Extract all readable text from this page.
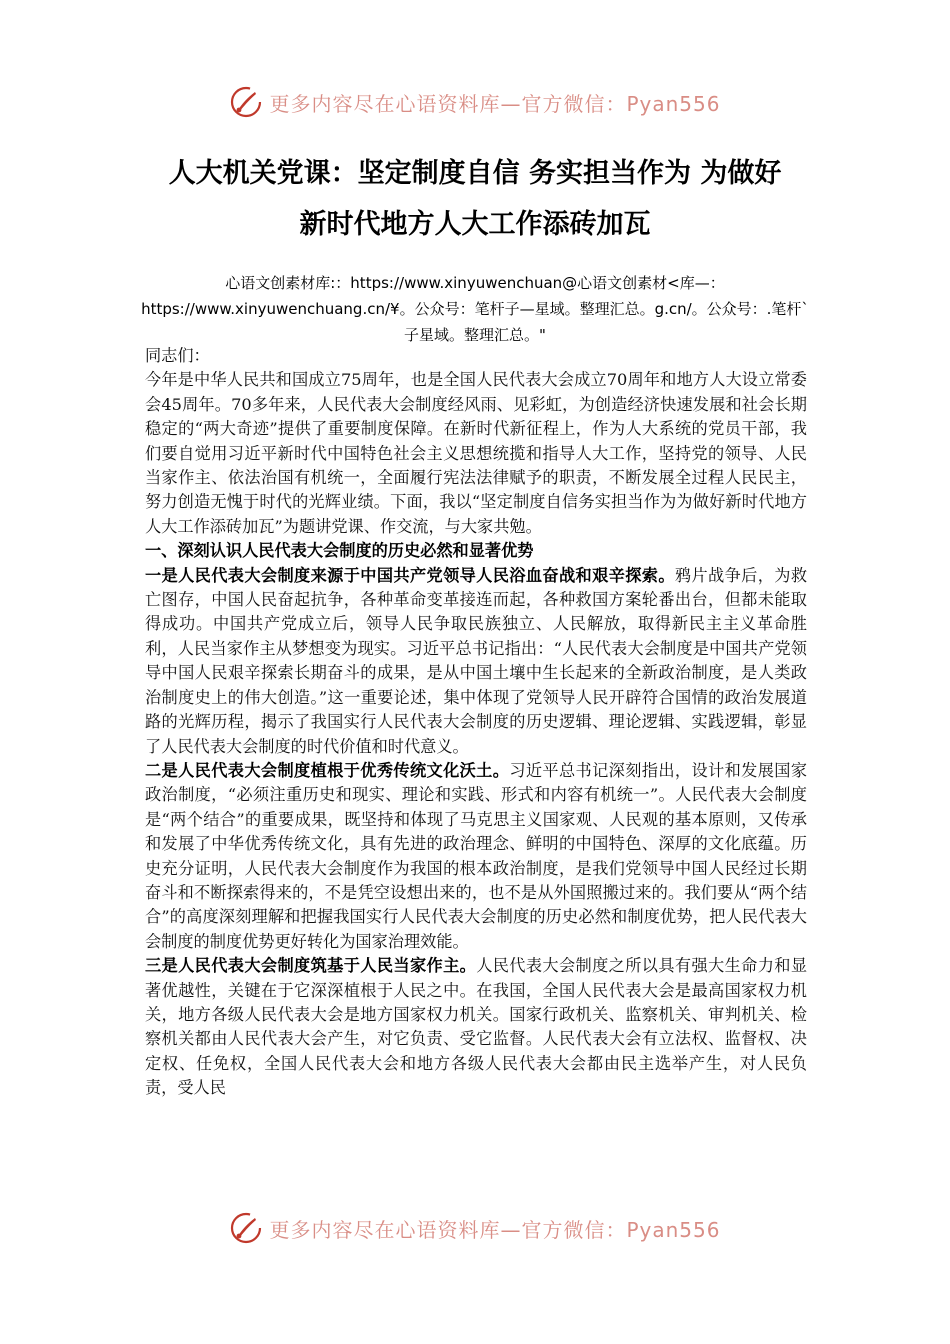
更多内容尽在心语资料库—官方微信：Pyan556
人大机关党课：坚定制度自信 务实担当作为 为做好
新时代地方人大工作添砖加瓦
心语文创素材库:：https://www.xinyuwenchuan@心语文创素材<库—：https://www.xinyuwenchuang.cn/¥。公众号：笔杆子—星域。整理汇总。g.cn/。公众号：.笔杆`子星域。整理汇总。"

同志们：

今年是中华人民共和国成立75周年，也是全国人民代表大会成立70周年和地方人大设立常委会45周年。70多年来，人民代表大会制度经风雨、见彩虹，为创造经济快速发展和社会长期稳定的“两大奇迹”提供了重要制度保障。在新时代新征程上，作为人大系统的党员干部，我们要自觉用习近平新时代中国特色社会主义思想统揽和指导人大工作，坚持党的领导、人民当家作主、依法治国有机统一，全面履行宪法法律赋予的职责，不断发展全过程人民民主，努力创造无愧于时代的光辉业绩。下面，我以“坚定制度自信务实担当作为为做好新时代地方人大工作添砖加瓦”为题讲党课、作交流，与大家共勉。

一、深刻认识人民代表大会制度的历史必然和显著优势

一是人民代表大会制度来源于中国共产党领导人民浴血奋战和艰辛探索。鸦片战争后，为救亡图存，中国人民奋起抗争，各种革命变革接连而起，各种救国方案轮番出台，但都未能取得成功。中国共产党成立后，领导人民争取民族独立、人民解放，取得新民主主义革命胜利，人民当家作主从梦想变为现实。习近平总书记指出：“人民代表大会制度是中国共产党领导中国人民艰辛探索长期奋斗的成果，是从中国土壤中生长起来的全新政治制度，是人类政治制度史上的伟大创造。”这一重要论述，集中体现了党领导人民开辟符合国情的政治发展道路的光辉历程，揭示了我国实行人民代表大会制度的历史逻辑、理论逻辑、实践逻辑，彰显了人民代表大会制度的时代价值和时代意义。

二是人民代表大会制度植根于优秀传统文化沃土。习近平总书记深刻指出，设计和发展国家政治制度，“必须注重历史和现实、理论和实践、形式和内容有机统一”。人民代表大会制度是“两个结合”的重要成果，既坚持和体现了马克思主义国家观、人民观的基本原则，又传承和发展了中华优秀传统文化，具有先进的政治理念、鲜明的中国特色、深厚的文化底蕴。历史充分证明，人民代表大会制度作为我国的根本政治制度，是我们党领导中国人民经过长期奋斗和不断探索得来的，不是凭空设想出来的，也不是从外国照搬过来的。我们要从“两个结合”的高度深刻理解和把握我国实行人民代表大会制度的历史必然和制度优势，把人民代表大会制度的制度优势更好转化为国家治理效能。

三是人民代表大会制度筑基于人民当家作主。人民代表大会制度之所以具有强大生命力和显著优越性，关键在于它深深植根于人民之中。在我国，全国人民代表大会是最高国家权力机关，地方各级人民代表大会是地方国家权力机关。国家行政机关、监察机关、审判机关、检察机关都由人民代表大会产生，对它负责、受它监督。人民代表大会有立法权、监督权、决定权、任免权，全国人民代表大会和地方各级人民代表大会都由民主选举产生，对人民负责，受人民

更多内容尽在心语资料库—官方微信：Pyan556
